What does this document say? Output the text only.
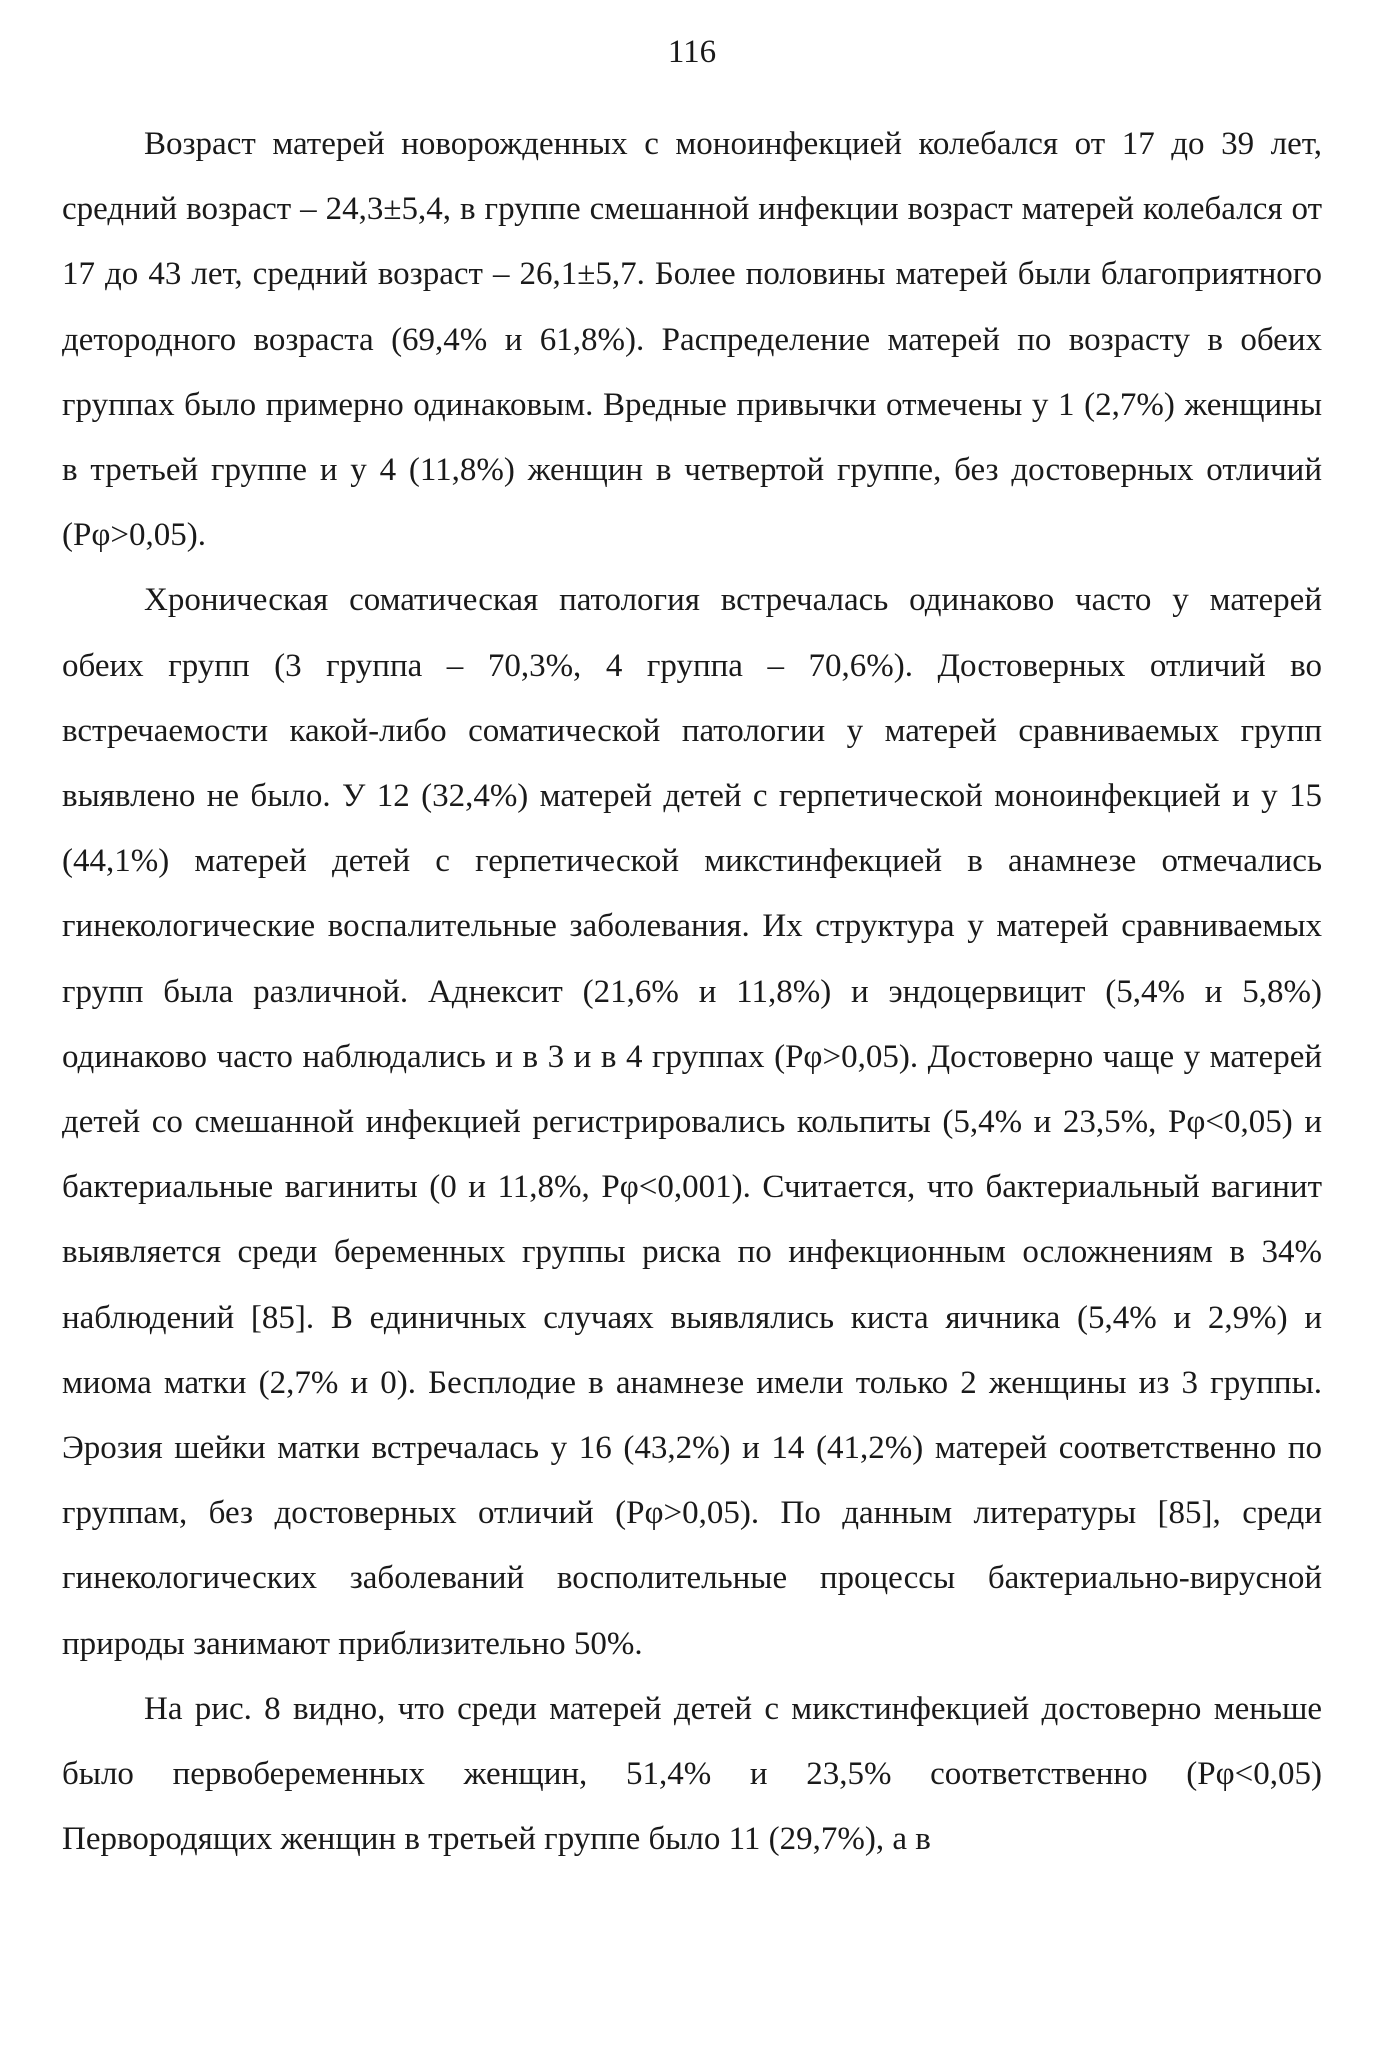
116

Возраст матерей новорожденных с моноинфекцией колебался от 17 до 39 лет, средний возраст – 24,3±5,4, в группе смешанной инфекции возраст матерей колебался от 17 до 43 лет, средний возраст – 26,1±5,7. Более половины матерей были благоприятного детородного возраста (69,4% и 61,8%). Распределение матерей по возрасту в обеих группах было примерно одинаковым. Вредные привычки отмечены у 1 (2,7%) женщины в третьей группе и у 4 (11,8%) женщин в четвертой группе, без достоверных отличий (Рφ>0,05).

Хроническая соматическая патология встречалась одинаково часто у матерей обеих групп (3 группа – 70,3%, 4 группа – 70,6%). Достоверных отличий во встречаемости какой-либо соматической патологии у матерей сравниваемых групп выявлено не было. У 12 (32,4%) матерей детей с герпетической моноинфекцией и у 15 (44,1%) матерей детей с герпетической микстинфекцией в анамнезе отмечались гинекологические воспалительные заболевания. Их структура у матерей сравниваемых групп была различной. Аднексит (21,6% и 11,8%) и эндоцервицит (5,4% и 5,8%) одинаково часто наблюдались и в 3 и в 4 группах (Рφ>0,05). Достоверно чаще у матерей детей со смешанной инфекцией регистрировались кольпиты (5,4% и 23,5%, Рφ<0,05) и бактериальные вагиниты (0 и 11,8%, Рφ<0,001). Считается, что бактериальный вагинит выявляется среди беременных группы риска по инфекционным осложнениям в 34% наблюдений [85]. В единичных случаях выявлялись киста яичника (5,4% и 2,9%) и миома матки (2,7% и 0). Бесплодие в анамнезе имели только 2 женщины из 3 группы. Эрозия шейки матки встречалась у 16 (43,2%) и 14 (41,2%) матерей соответственно по группам, без достоверных отличий (Рφ>0,05). По данным литературы [85], среди гинекологических заболеваний восполительные процессы бактериально-вирусной природы занимают приблизительно 50%.

На рис. 8 видно, что среди матерей детей с микстинфекцией достоверно меньше было первобеременных женщин, 51,4% и 23,5% соответственно (Рφ<0,05) Первородящих женщин в третьей группе было 11 (29,7%), а в
